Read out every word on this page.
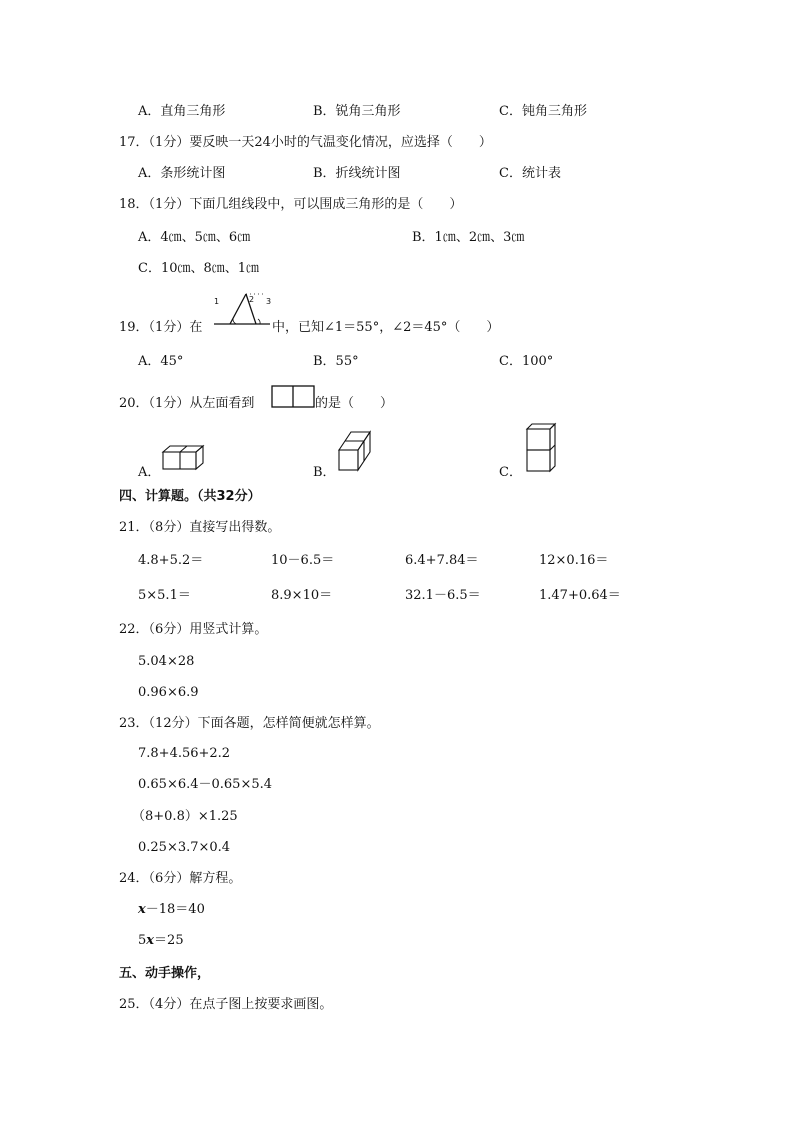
A．直角三角形	B．锐角三角形	C．钝角三角形
17．（1分）要反映一天24小时的气温变化情况，应选择（　　）
A．条形统计图	B．折线统计图	C．统计表
18．（1分）下面几组线段中，可以围成三角形的是（　　）
A．4㎝、5㎝、6㎝	B．1㎝、2㎝、3㎝
C．10㎝、8㎝、1㎝
19．（1分）在
1	2 3
中，已知∠1＝55°，∠2＝45°（　　）
A．45°	B．55°	C．100°
20．（1分）从左面看到	的是（　　）
A．	B．	C．
四、计算题。（共32分）
21．（8分）直接写出得数。
4.8+5.2＝	10－6.5＝	6.4+7.84＝	12×0.16＝
5×5.1＝	8.9×10＝	32.1－6.5＝	1.47+0.64＝
22．（6分）用竖式计算。
5.04×28
0.96×6.9
23．（12分）下面各题，怎样简便就怎样算。
7.8+4.56+2.2
0.65×6.4－0.65×5.4
（8+0.8）×1.25
0.25×3.7×0.4
24．（6分）解方程。
x－18＝40
5x＝25
五、动手操作，
25．（4分）在点子图上按要求画图。
